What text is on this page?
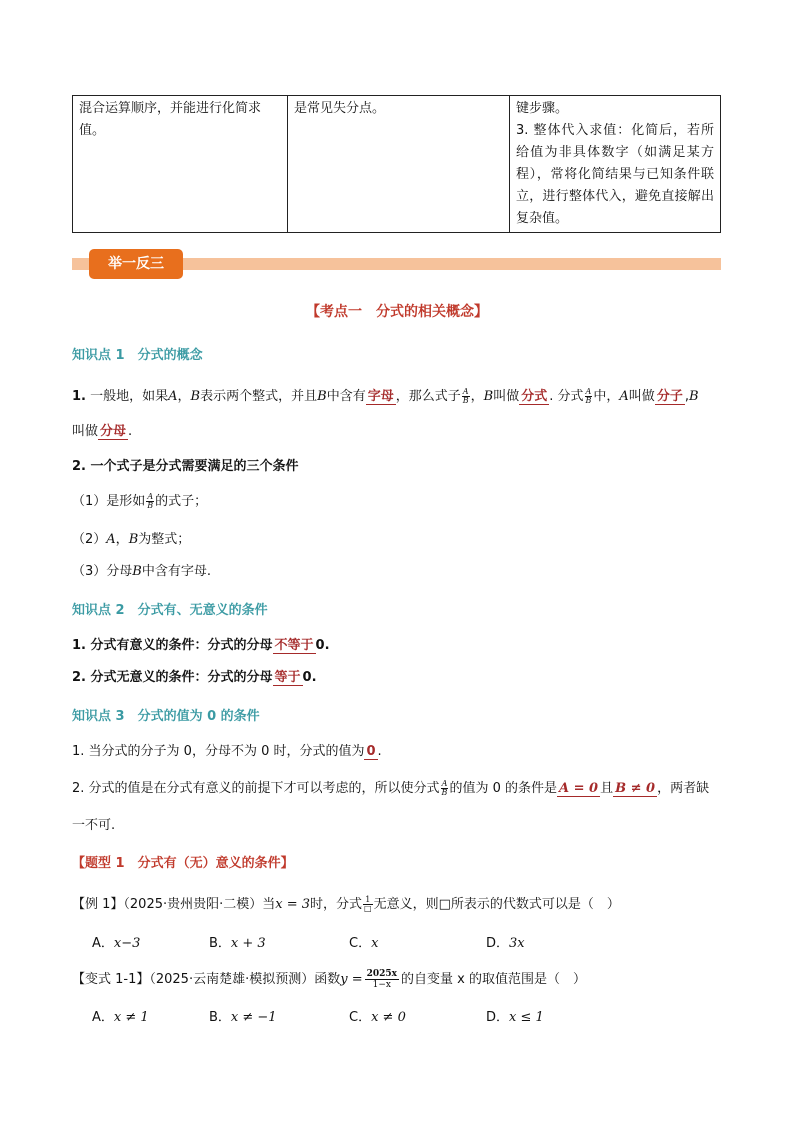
混合运算顺序，并能进行化简求值。	是常见失分点。	键步骤。
3. 整体代入求值：化简后，若所给值为非具体数字（如满足某方程），常将化简结果与已知条件联立，进行整体代入，避免直接解出复杂值。
举一反三
【考点一　分式的相关概念】
知识点 1　分式的概念
1. 一般地，如果A，B表示两个整式，并且B中含有 字母 ，那么式子 $\frac{A}{B}$ ，B叫做 分式 . 分式 $\frac{A}{B}$ 中，A叫做 分子 ,B
叫做 分母 .
2. 一个式子是分式需要满足的三个条件
（1）是形如 $\frac{A}{B}$ 的式子；
（2）A，B为整式；
（3）分母B中含有字母.
知识点 2　分式有、无意义的条件
1. 分式有意义的条件：分式的分母 不等于 0.
2. 分式无意义的条件：分式的分母 等于 0.
知识点 3　分式的值为 0 的条件
1. 当分式的分子为 0，分母不为 0 时，分式的值为 0 .
2. 分式的值是在分式有意义的前提下才可以考虑的，所以使分式 $\frac{A}{B}$ 的值为 0 的条件是 A = 0 且 B ≠ 0 ，两者缺
一不可.
【题型 1　分式有（无）意义的条件】
【例 1】（2025·贵州贵阳·二模）当x = 3时，分式 $\frac{1}{□}$ 无意义，则□所表示的代数式可以是（　）
A．x−3	B．x + 3	C．x	D．3x
【变式 1-1】（2025·云南楚雄·模拟预测）函数$y = \frac{2025x}{1-x}$ 的自变量 x 的取值范围是（　）
A．x ≠ 1	B．x ≠ −1	C．x ≠ 0	D．x ≤ 1
